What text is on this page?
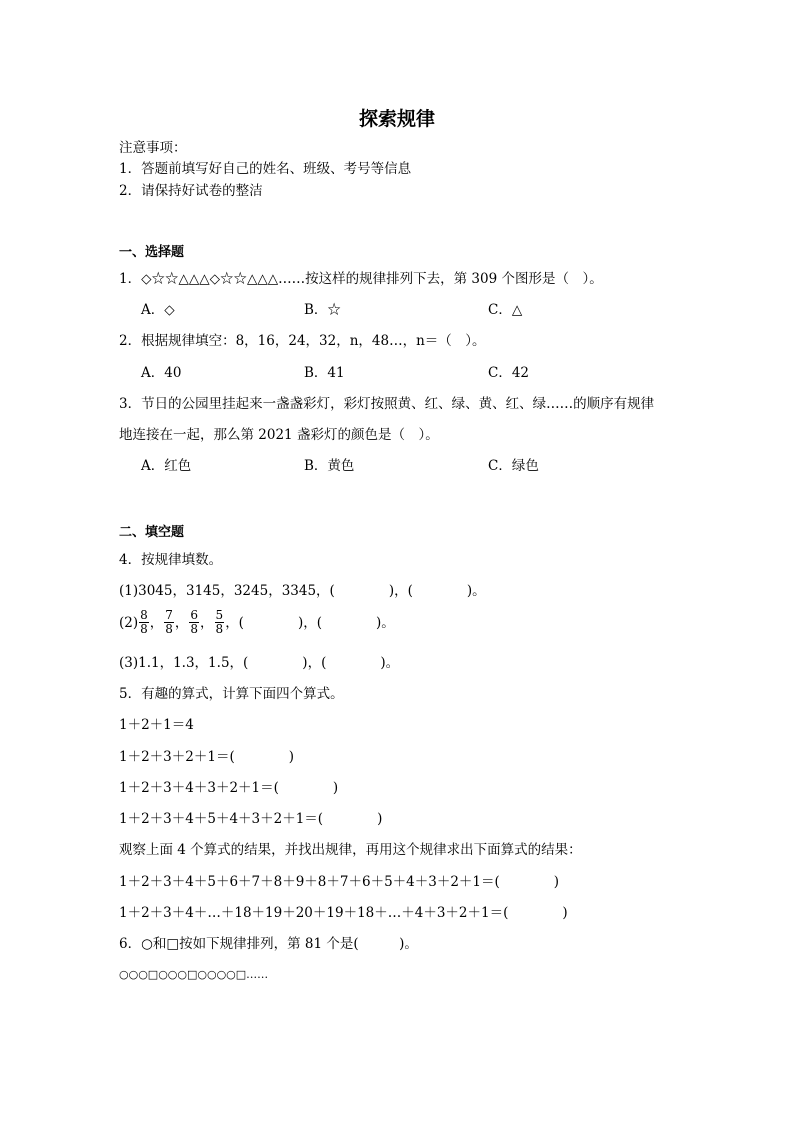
探索规律
注意事项：
1．答题前填写好自己的姓名、班级、考号等信息
2．请保持好试卷的整洁
一、选择题
1．◇☆☆△△△◇☆☆△△△……按这样的规律排列下去，第 309 个图形是（　）。
A．◇	B．☆	C．△
2．根据规律填空：8，16，24，32，n，48…，n＝（　）。
A．40	B．41	C．42
3．节日的公园里挂起来一盏盏彩灯，彩灯按照黄、红、绿、黄、红、绿……的顺序有规律
地连接在一起，那么第 2021 盏彩灯的颜色是（　）。
A．红色	B．黄色	C．绿色
二、填空题
4．按规律填数。
(1)3045，3145，3245，3345，(　　　　)，(　　　　)。
$(2) \frac{8}{8}$ ， $\frac{7}{8}$ ， $\frac{6}{8}$ ， $\frac{5}{8}$ ，(　　　　)，(　　　　)。
(3)1.1，1.3，1.5，(　　　　)，(　　　　)。
5．有趣的算式，计算下面四个算式。
1＋2＋1＝4
1＋2＋3＋2＋1＝(　　　　)
1＋2＋3＋4＋3＋2＋1＝(　　　　)
1＋2＋3＋4＋5＋4＋3＋2＋1＝(　　　　)
观察上面 4 个算式的结果，并找出规律，再用这个规律求出下面算式的结果：
1＋2＋3＋4＋5＋6＋7＋8＋9＋8＋7＋6＋5＋4＋3＋2＋1＝(　　　　)
1＋2＋3＋4＋…＋18＋19＋20＋19＋18＋…＋4＋3＋2＋1＝(　　　　)
6．○和□按如下规律排列，第 81 个是(　　　)。
○○○□○○○□○○○○□……
